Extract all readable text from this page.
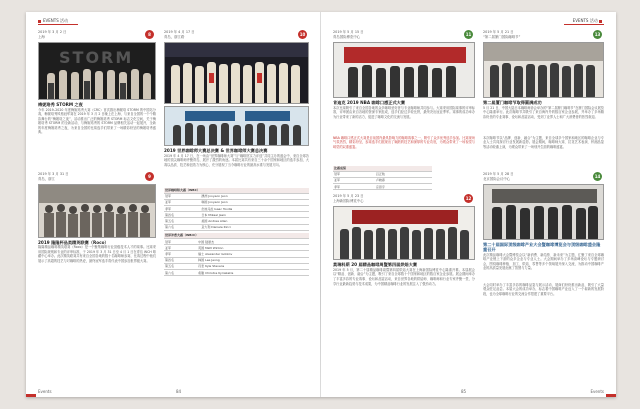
EVENTS 活动
2019 年 3 月 2 日
上海	8
STORM
梅妮珞秀 STORM 之夜
今年 2019–2020 年度梅妮珞秀大赛（CRC）首次推出梅妮珞 STORM 的中国站分赛，梅妮珞秀风格冠军赛在 2019 年 3 月 2 日晚上在上海，与来自全国的一个个精彩舞台的“梅妮珞之夜”，活动推出广泛的梅妮珞秀 STORM 标志文化空间，关于梅妮珞秀 STORM 的全新活动，与梅妮珞秀的 STORM 品牌相关活动一起展开，全新的年度梅妮珞秀之夜，为来自全国的比赛选手们带来了一场精彩纷呈的梅妮珞秀盛典。
2019 年 3 月 31 日
青岛，浙江	9
2019 隆隆杯品类精英联赛（Roco）
隆隆精品咖啡精英联赛（Roco）是一个聚集咖啡行业顶级技术人才的赛事。比赛采用国际规则和专业的评审标准，于 2019 年 3 月 31 日至 4 月 1 日在青岛 WCH 啡藏中心举办。此次精英联赛共有来自全国各地的数十名咖啡师参赛，比赛过程中他们展示了高超的技艺与对咖啡的热爱，最终冠军选手将代表中国参加世界级大赛。
2019 年 4 月 17 日
青岛，浙江路	10
2019 世界咖啡师大赛总决赛 & 世界咖啡师大赛总决赛
2019 年 4 月 17 日，在一场由“世界咖啡师大赛”与“咖啡馆实力评选”共同主办的盛会中，来自全球各地的顶尖咖啡师齐聚青岛，展开了激烈的角逐。本届比赛共有来自三十余个国家和地区的选手参加，大赛以品质、技艺和创造力为核心，充分展现了当今咖啡行业的最高水准与发展方向。
世界咖啡师大赛（WBC）	
冠军	澳洲 Jooyeon Jeon
亚军	韩国 Jooyeon Jeon
季军	危地马拉 Isaac Tovilla
第四名	日本 Mikael Jasin
第五名	美国 Andrea Allen
第六名	意大利 Daniele Ricci
世界冲煮大赛（WBrC）	
冠军	中国 陆豪杰
亚军	英国 Matt Winton
季军	瑞士 Alexander Golikov
第四名	韩国 Lee Jeong
第五名	丹麦 Kyle Stevens
第六名	希腊 Christos Kyriakakis
Events	84
EVENTS 活动
2019 年 5 月 15 日
青岛国际博览中心	11
肯迪克 2019 NBA 咖啡口感正式大赛
本次比赛吸引了来自全国各地的众多咖啡爱好者与专业咖啡师共同参与。大赛采用国际赛事的评审标准，评审团由来自各地的资深专家组成，选手们经过多轮比拼，最终决出冠亚季军。赛事的成功举办为行业带来了新的活力，促进了咖啡文化的交流与发展。
NBA 咖啡口感正式大赛是目前国内最具影响力的咖啡赛事之一，吸引了众多优秀选手参加。比赛现场气氛热烈，精彩纷呈，参赛选手们展现出了娴熟的技艺和深厚的专业功底，为观众带来了一场视觉与味觉的双重盛宴。
比赛成绩	
冠军	吕正航
亚军	卢晓春
季军	宗思宇
2019 年 5 月 23 日
上海新国际博览中心	12
莫瑞科斯 20 届精品咖啡周暨第四届烘焙大赛
2019 年 5 月，第二十届精品咖啡周暨第四届烘焙大赛在上海新国际博览中心隆重开幕。本届展会以“精品、创新、融合”为主题，吸引了来自全球数十个国家和地区的数百家企业参展。展会期间举办了丰富多彩的专业赛事、论坛和品鉴活动，来自世界各地的烘焙师、咖啡师和行业专家齐聚一堂，分享行业最新趋势与技术成果，为中国精品咖啡行业的发展注入了强劲动力。
2019 年 5 月 21 日
“第二届厦门国际咖啡节”	13
第二届厦门咖啡节取得圆满成功
5 月 21 日，中国大陆日本咖啡师协会举办的“第二届厦门咖啡节”在厦门国际会议展览中心隆重举行。此次咖啡节共吸引了来自海内外的数百家企业参展，并举办了多场精彩纷呈的专业赛事、论坛和品鉴活动，受到了业界人士和广大消费者的热烈欢迎。
本次咖啡节以“品牌、创新、融合”为主题，来自全球多个国家和地区的咖啡企业与专业人士共同探讨行业发展新趋势。展会期间，咖啡师大赛、拉花艺术表演、杯测品鉴等活动轮番上演，为观众带来了一场别开生面的咖啡盛宴。
2019 年 5 月 28 日
北京国际会议中心	14
第二十届国际顶级咖啡产业大会暨咖啡博览会与顶级咖啡盛会隆重召开
此次精品咖啡大会暨博览会以“新消费、新趋势、新未来”为主题，汇聚了来自全球咖啡产业链上下游的众多企业与专业人士。大会期间举办了多场高峰论坛与专题研讨会，围绕咖啡种植、加工、烘焙、零售等多个领域展开深入交流，为推动中国咖啡产业的高质量发展贡献了智慧与力量。
大会同时举办了丰富多彩的咖啡品鉴与展示活动，展商们纷纷推出新品，吸引了大量观众驻足品尝。本届大会的成功举办，标志着中国咖啡产业迈入了一个崭新的发展阶段，也为全球咖啡行业的交流合作搭建了重要平台。
85	Events
